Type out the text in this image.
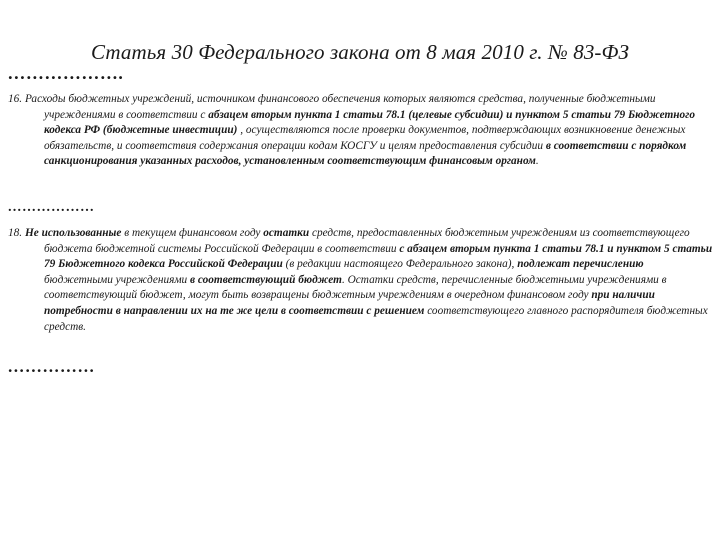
Статья 30 Федерального закона от 8 мая 2010 г. № 83-ФЗ
……………….

16. Расходы бюджетных учреждений, источником финансового обеспечения которых являются средства, полученные бюджетными учреждениями в соответствии с абзацем вторым пункта 1 статьи 78.1 (целевые субсидии) и пунктом 5 статьи 79 Бюджетного кодекса РФ (бюджетные инвестиции) , осуществляются после проверки документов, подтверждающих возникновение денежных обязательств, и соответствия содержания операции кодам КОСГУ и целям предоставления субсидии в соответствии с порядком санкционирования указанных расходов, установленным соответствующим финансовым органом.

………………

18. Не использованные в текущем финансовом году остатки средств, предоставленных бюджетным учреждениям из соответствующего бюджета бюджетной системы Российской Федерации в соответствии с абзацем вторым пункта 1 статьи 78.1 и пунктом 5 статьи 79 Бюджетного кодекса Российской Федерации (в редакции настоящего Федерального закона), подлежат перечислению бюджетными учреждениями в соответствующий бюджет. Остатки средств, перечисленные бюджетными учреждениями в соответствующий бюджет, могут быть возвращены бюджетным учреждениям в очередном финансовом году при наличии потребности в направлении их на те же цели в соответствии с решением соответствующего главного распорядителя бюджетных средств.

……………
